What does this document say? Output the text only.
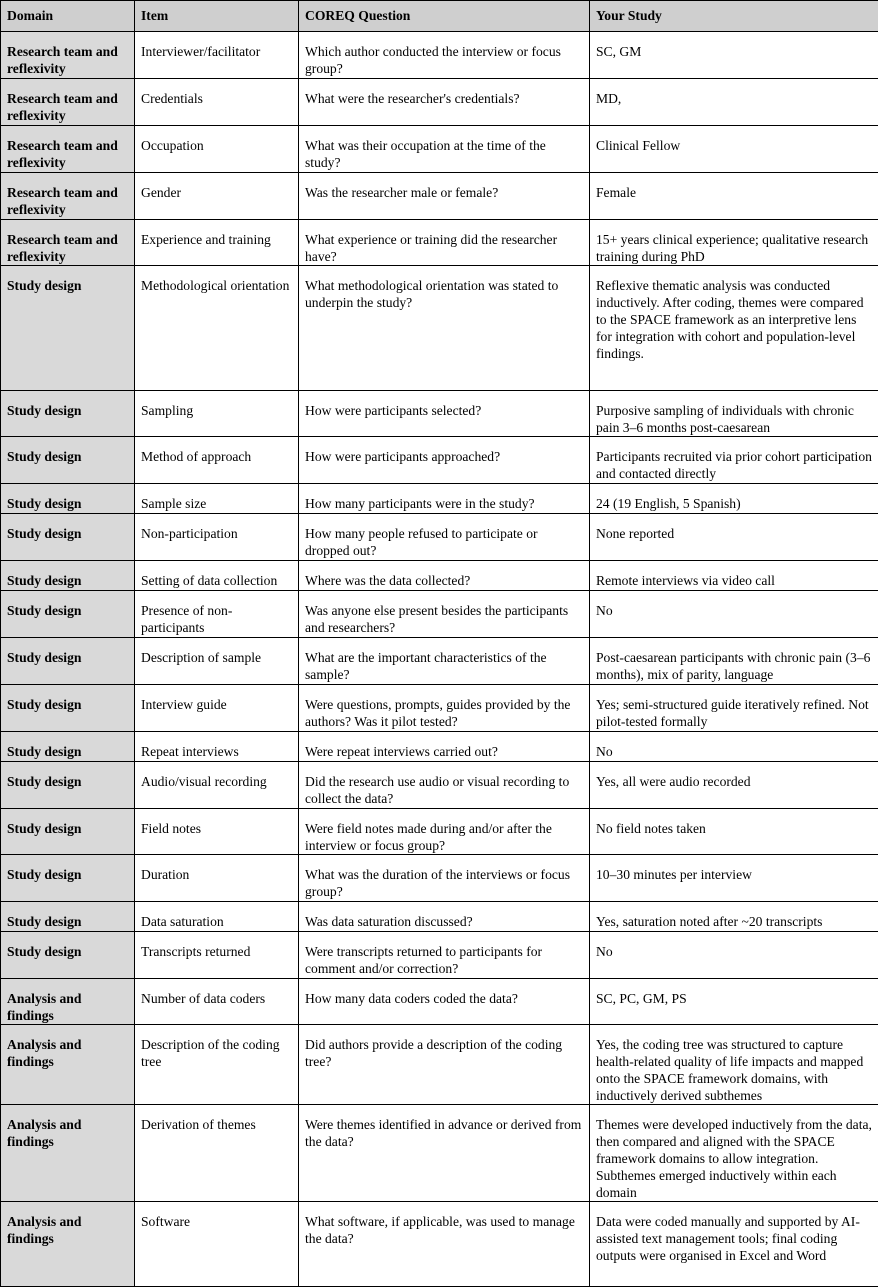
Domain	Item	COREQ Question	Your Study
Research team and reflexivity	Interviewer/facilitator	Which author conducted the interview or focus group?	SC, GM
Research team and reflexivity	Credentials	What were the researcher's credentials?	MD,
Research team and reflexivity	Occupation	What was their occupation at the time of the study?	Clinical Fellow
Research team and reflexivity	Gender	Was the researcher male or female?	Female
Research team and reflexivity	Experience and training	What experience or training did the researcher have?	15+ years clinical experience; qualitative research training during PhD
Study design	Methodological orientation	What methodological orientation was stated to underpin the study?	Reflexive thematic analysis was conducted inductively. After coding, themes were compared to the SPACE framework as an interpretive lens for integration with cohort and population-level findings.
Study design	Sampling	How were participants selected?	Purposive sampling of individuals with chronic pain 3–6 months post-caesarean
Study design	Method of approach	How were participants approached?	Participants recruited via prior cohort participation and contacted directly
Study design	Sample size	How many participants were in the study?	24 (19 English, 5 Spanish)
Study design	Non-participation	How many people refused to participate or dropped out?	None reported
Study design	Setting of data collection	Where was the data collected?	Remote interviews via video call
Study design	Presence of non-participants	Was anyone else present besides the participants and researchers?	No
Study design	Description of sample	What are the important characteristics of the sample?	Post-caesarean participants with chronic pain (3–6 months), mix of parity, language
Study design	Interview guide	Were questions, prompts, guides provided by the authors? Was it pilot tested?	Yes; semi-structured guide iteratively refined. Not pilot-tested formally
Study design	Repeat interviews	Were repeat interviews carried out?	No
Study design	Audio/visual recording	Did the research use audio or visual recording to collect the data?	Yes, all were audio recorded
Study design	Field notes	Were field notes made during and/or after the interview or focus group?	No field notes taken
Study design	Duration	What was the duration of the interviews or focus group?	10–30 minutes per interview
Study design	Data saturation	Was data saturation discussed?	Yes, saturation noted after ~20 transcripts
Study design	Transcripts returned	Were transcripts returned to participants for comment and/or correction?	No
Analysis and findings	Number of data coders	How many data coders coded the data?	SC, PC, GM, PS
Analysis and findings	Description of the coding tree	Did authors provide a description of the coding tree?	Yes, the coding tree was structured to capture health-related quality of life impacts and mapped onto the SPACE framework domains, with inductively derived subthemes
Analysis and findings	Derivation of themes	Were themes identified in advance or derived from the data?	Themes were developed inductively from the data, then compared and aligned with the SPACE framework domains to allow integration. Subthemes emerged inductively within each domain
Analysis and findings	Software	What software, if applicable, was used to manage the data?	Data were coded manually and supported by AI-assisted text management tools; final coding outputs were organised in Excel and Word
